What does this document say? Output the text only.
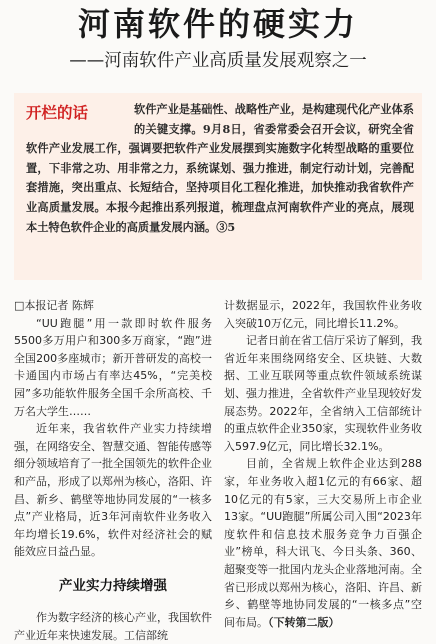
河南软件的硬实力
——河南软件产业高质量发展观察之一
开栏的话	软件产业是基础性、战略性产业，是构建现代化产业体系的关键支撑。9月8日，省委常委会召开会议，研究全省软件产业发展工作，强调要把软件产业发展摆到实施数字化转型战略的重要位置，下非常之功、用非常之力，系统谋划、强力推进，制定行动计划，完善配套措施，突出重点、长短结合，坚持项目化工程化推进，加快推动我省软件产业高质量发展。本报今起推出系列报道，梳理盘点河南软件产业的亮点，展现本土特色软件企业的高质量发展内涵。③5

□本报记者 陈辉

“UU跑腿”用一款即时软件服务5500多万用户和300多万商家，“跑”进全国200多座城市；新开普研发的高校一卡通国内市场占有率达45%，“完美校园”多功能软件服务全国千余所高校、千万名大学生……

近年来，我省软件产业实力持续增强，在网络安全、智慧交通、智能传感等细分领域培育了一批全国领先的软件企业和产品，形成了以郑州为核心，洛阳、许昌、新乡、鹤壁等地协同发展的“一核多点”产业格局，近3年河南软件业务收入年均增长19.6%，软件对经济社会的赋能效应日益凸显。

产业实力持续增强

作为数字经济的核心产业，我国软件产业近年来快速发展。工信部统

计数据显示，2022年，我国软件业务收入突破10万亿元，同比增长11.2%。

记者日前在省工信厅采访了解到，我省近年来围绕网络安全、区块链、大数据、工业互联网等重点软件领域系统谋划、强力推进，全省软件产业呈现较好发展态势。2022年，全省纳入工信部统计的重点软件企业350家，实现软件业务收入597.9亿元，同比增长32.1%。

目前，全省规上软件企业达到288家，年业务收入超1亿元的有66家、超10亿元的有5家，三大交易所上市企业13家。“UU跑腿”所属公司入围“2023年度软件和信息技术服务竞争力百强企业”榜单，科大讯飞、今日头条、360、超聚变等一批国内龙头企业落地河南。全省已形成以郑州为核心，洛阳、许昌、新乡、鹤壁等地协同发展的“一核多点”空间布局。（下转第二版）
